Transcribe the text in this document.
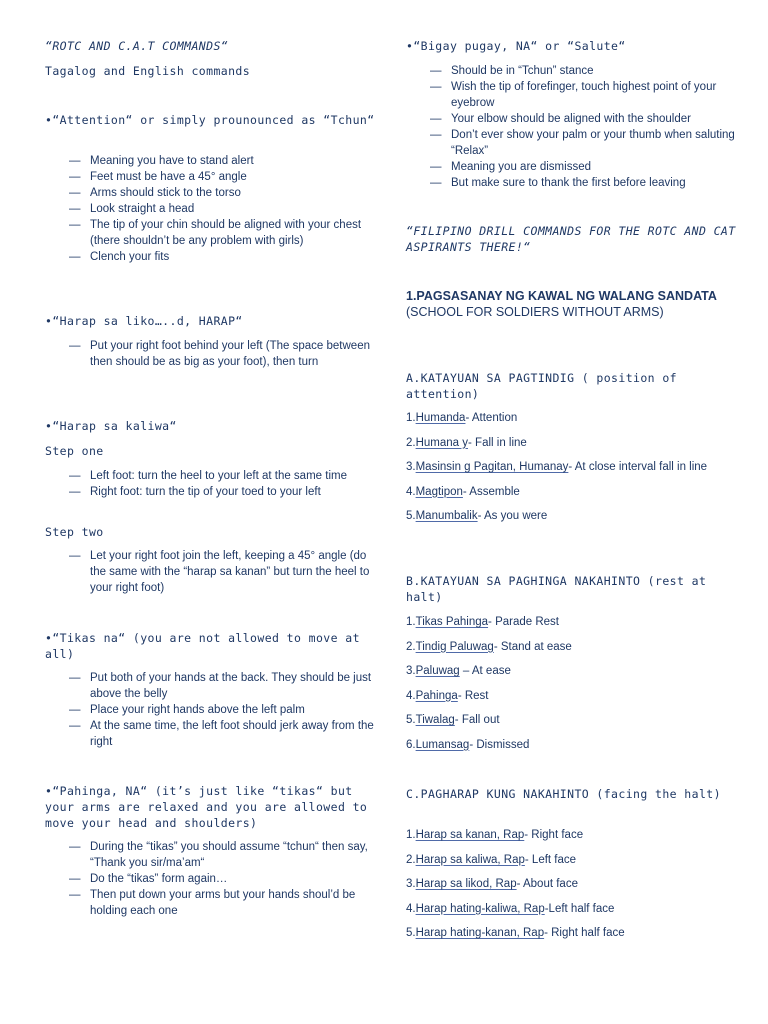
“ROTC AND C.A.T COMMANDS“

Tagalog and English commands

•“Attention“ or simply prounounced as “Tchun“

— Meaning you have to stand alert
— Feet must be have a 45° angle
— Arms should stick to the torso
— Look straight a head
— The tip of your chin should be aligned with your chest (there shouldn’t be any problem with girls)
— Clench your fits

•“Harap sa liko…..d, HARAP“

— Put your right foot behind your left (The space between then should be as big as your foot), then turn

•“Harap sa kaliwa“

Step one

— Left foot: turn the heel to your left at the same time
— Right foot: turn the tip of your toed to your left

Step two

— Let your right foot join the left, keeping a 45° angle (do the same with the “harap sa kanan” but turn the heel to your right foot)

•“Tikas na“ (you are not allowed to move at all)

— Put both of your hands at the back. They should be just above the belly
— Place your right hands above the left palm
— At the same time, the left foot should jerk away from the right

•“Pahinga, NA“ (it’s just like “tikas“ but your arms are relaxed and you are allowed to move your head and shoulders)

— During the “tikas” you should assume “tchun“ then say, “Thank you sir/ma’am“
— Do the “tikas” form again…
— Then put down your arms but your hands shoul’d be holding each one

•“Bigay pugay, NA“ or “Salute“

— Should be in “Tchun” stance
— Wish the tip of forefinger, touch highest point of your eyebrow
— Your elbow should be aligned with the shoulder
— Don’t ever show your palm or your thumb when saluting “Relax”
— Meaning you are dismissed
— But make sure to thank the first before leaving

“FILIPINO DRILL COMMANDS FOR THE ROTC AND CAT ASPIRANTS THERE!“

1.PAGSASANAY NG KAWAL NG WALANG SANDATA (SCHOOL FOR SOLDIERS WITHOUT ARMS)

A.KATAYUAN SA PAGTINDIG ( position of attention)

1.Humanda- Attention
2.Humana y- Fall in line
3.Masinsin g Pagitan, Humanay- At close interval fall in line
4.Magtipon- Assemble
5.Manumbalik- As you were

B.KATAYUAN SA PAGHINGA NAKAHINTO (rest at halt)

1.Tikas Pahinga- Parade Rest
2.Tindig Paluwag- Stand at ease
3.Paluwag – At ease
4.Pahinga- Rest
5.Tiwalag- Fall out
6.Lumansag- Dismissed

C.PAGHARAP KUNG NAKAHINTO (facing the halt)

1.Harap sa kanan, Rap- Right face
2.Harap sa kaliwa, Rap- Left face
3.Harap sa likod, Rap- About face
4.Harap hating-kaliwa, Rap-Left half face
5.Harap hating-kanan, Rap- Right half face
